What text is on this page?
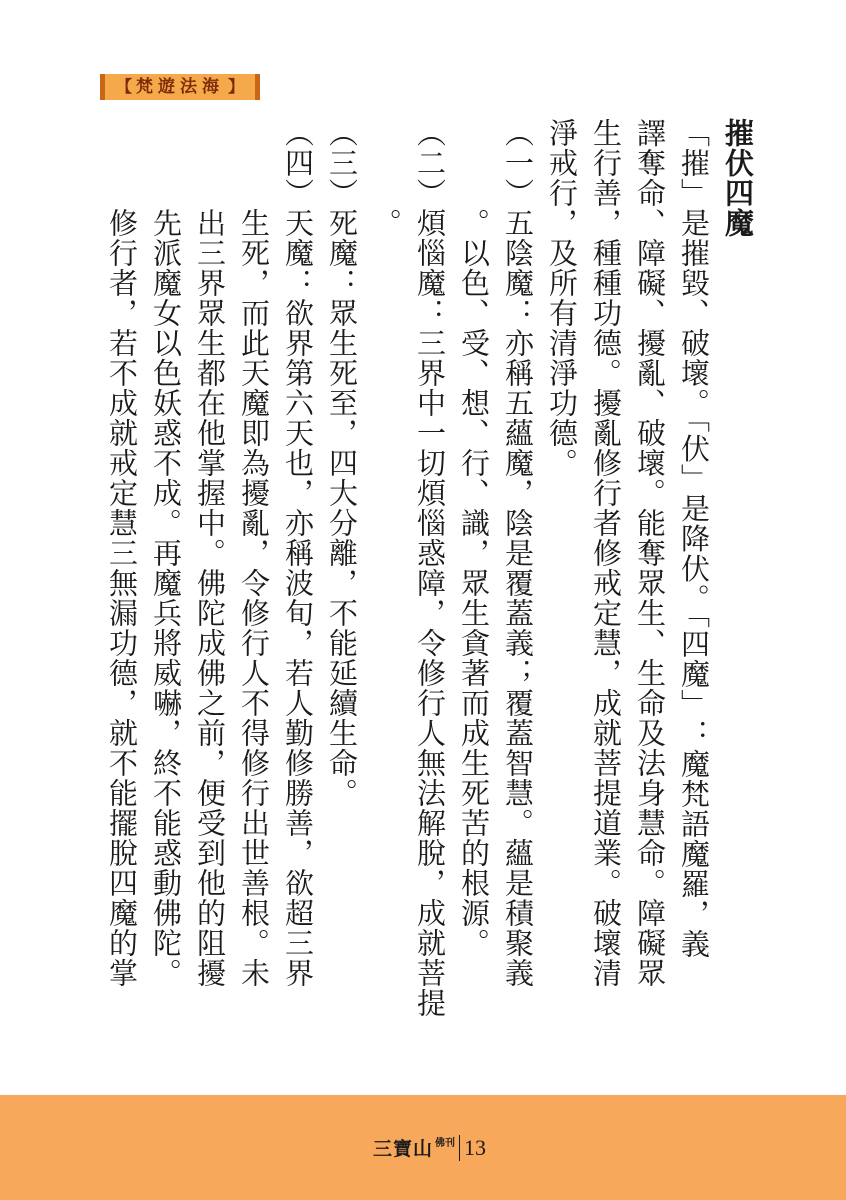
【 梵遊法海 】
摧伏四魔
「摧」是摧毀、破壞。「伏」是降伏。「四魔」：魔梵語魔羅，義
譯奪命、障礙、擾亂、破壞。能奪眾生、生命及法身慧命。障礙眾
生行善，種種功德。擾亂修行者修戒定慧，成就菩提道業。破壞清
淨戒行，及所有清淨功德。
（一）五陰魔：亦稱五蘊魔，陰是覆蓋義；覆蓋智慧。蘊是積聚義
　　　。以色、受、想、行、識，眾生貪著而成生死苦的根源。
（二）煩惱魔：三界中一切煩惱惑障，令修行人無法解脫，成就菩提
　　　。
（三）死魔：眾生死至，四大分離，不能延續生命。
（四）天魔：欲界第六天也，亦稱波旬，若人勤修勝善，欲超三界
　　　生死，而此天魔即為擾亂，令修行人不得修行出世善根。未
　　　出三界眾生都在他掌握中。佛陀成佛之前，便受到他的阻擾
　　　先派魔女以色妖惑不成。再魔兵將威嚇，終不能惑動佛陀。
　　　修行者，若不成就戒定慧三無漏功德，就不能擺脫四魔的掌
三寶山 佛刊 13
